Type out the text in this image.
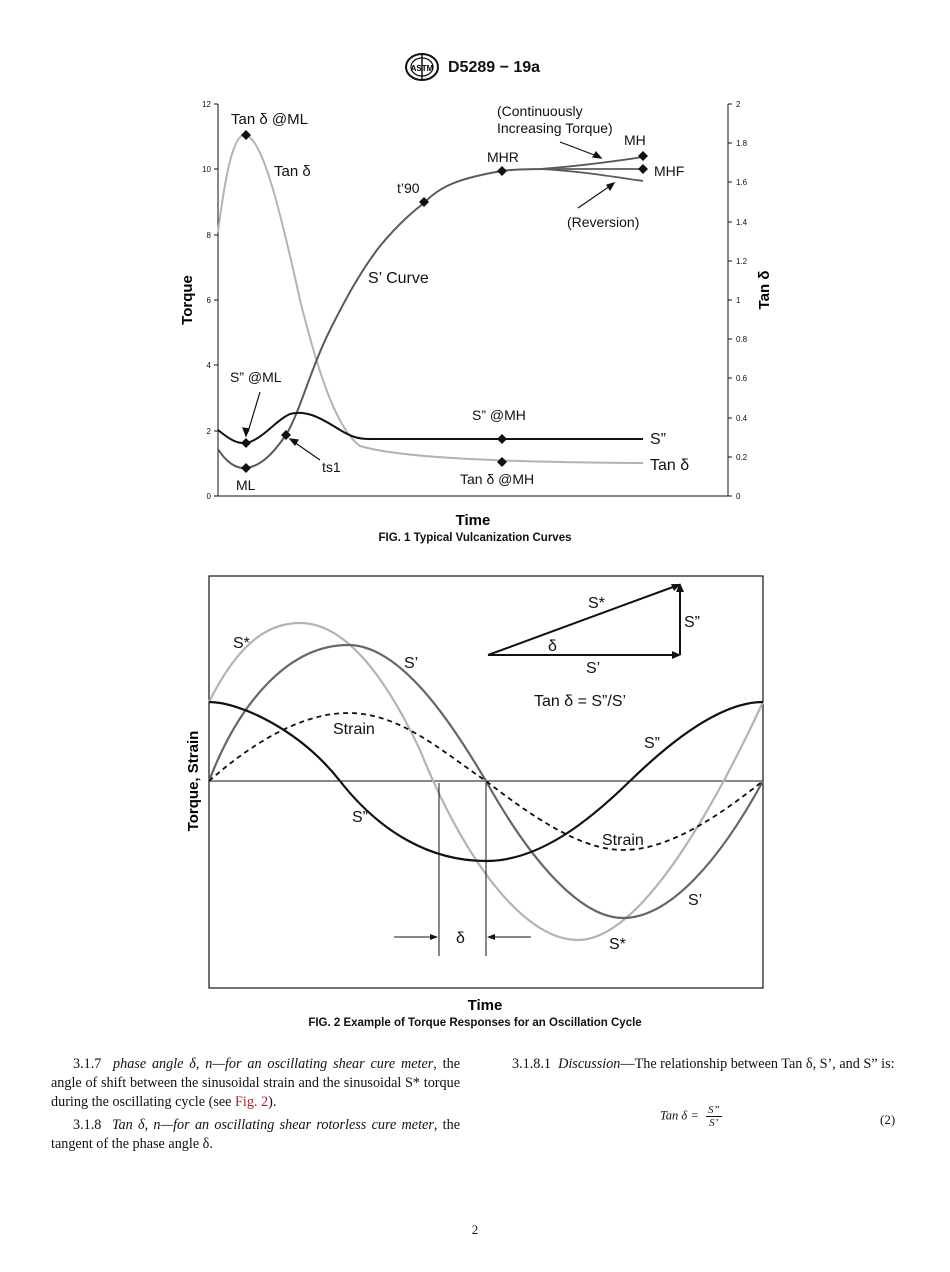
ASTM D5289 − 19a
0
2
4
6
8
10
12
0
0.2
0.4
0.6
0.8
1
1.2
1.4
1.6
1.8
2
Tan δ @ML
Tan δ
(Continuously
Increasing Torque)
MH
MHR
MHF
t’90
(Reversion)
S’ Curve
S” @ML
S” @MH
S”
ML
ts1
Tan δ @MH
Tan δ
Time
Torque	Tan δ
FIG. 1 Typical Vulcanization Curves
S*
S’
Strain
S”
S”
Strain
S’
S*
δ
S*
S”
δ
S’
Tan δ = S”/S’
Time
Torque, Strain
FIG. 2 Example of Torque Responses for an Oscillation Cycle

3.1.7 phase angle δ, n—for an oscillating shear cure meter, the angle of shift between the sinusoidal strain and the sinusoidal S* torque during the oscillating cycle (see Fig. 2).

3.1.8 Tan δ, n—for an oscillating shear rotorless cure meter, the tangent of the phase angle δ.

3.1.8.1 Discussion—The relationship between Tan δ, S’, and S” is:

Tan $\delta = \frac{S”}{S’}$	(2)
2
